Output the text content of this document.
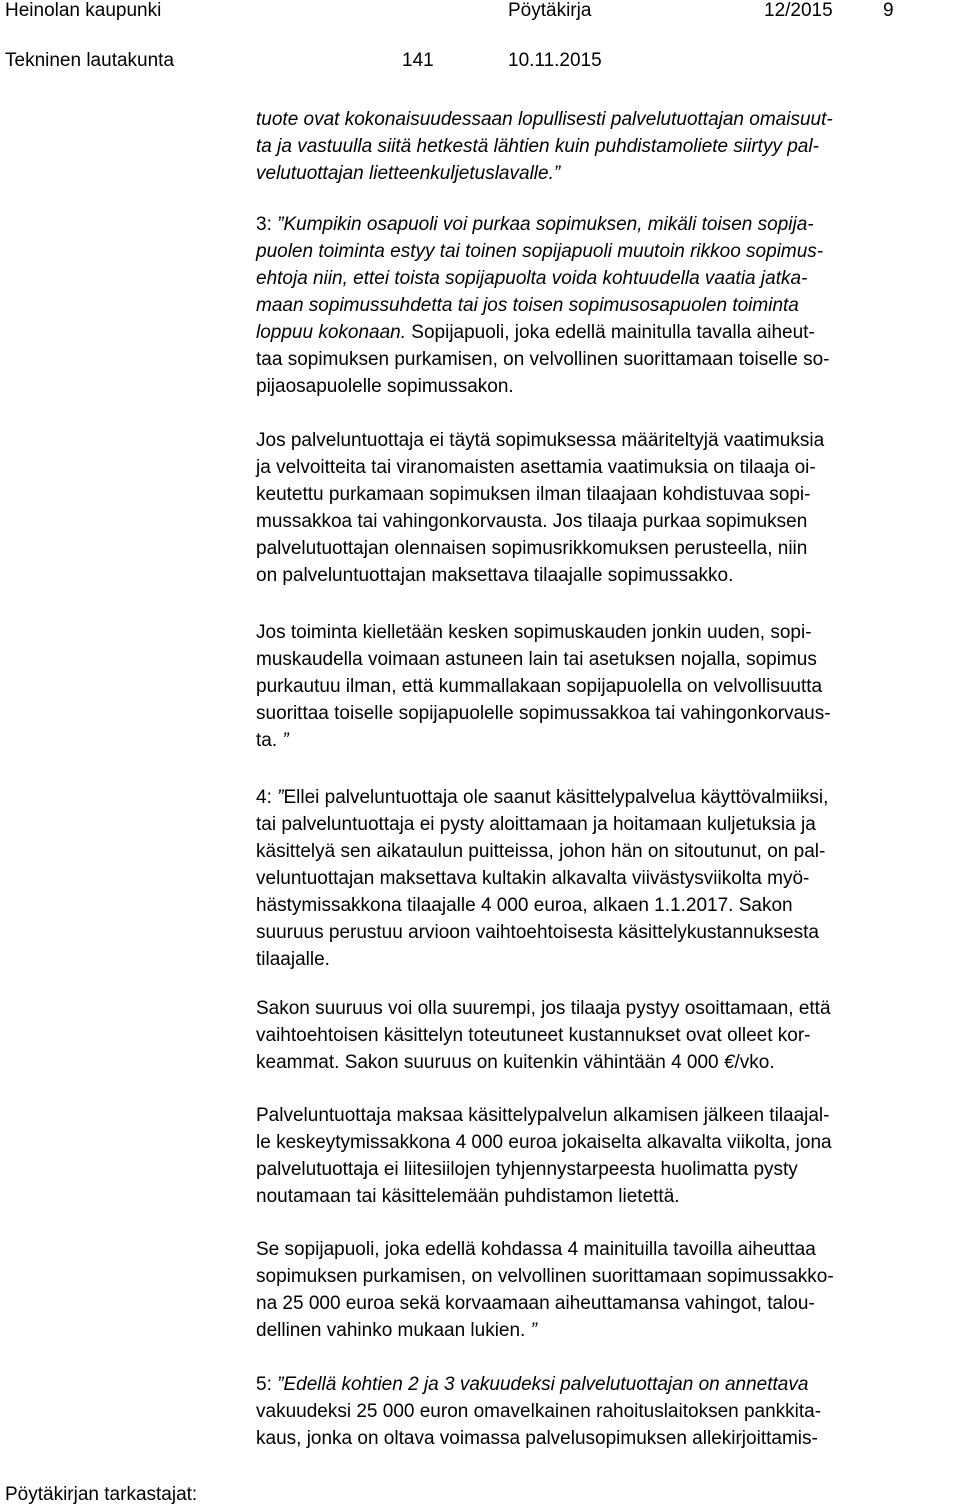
Heinolan kaupunki	Pöytäkirja	12/2015	9
Tekninen lautakunta	141	10.11.2015
tuote ovat kokonaisuudessaan lopullisesti palvelutuottajan omaisuut-
ta ja vastuulla siitä hetkestä lähtien kuin puhdistamoliete siirtyy pal-
velutuottajan lietteenkuljetuslavalle.”
3: ”Kumpikin osapuoli voi purkaa sopimuksen, mikäli toisen sopija-
puolen toiminta estyy tai toinen sopijapuoli muutoin rikkoo sopimus-
ehtoja niin, ettei toista sopijapuolta voida kohtuudella vaatia jatka-
maan sopimussuhdetta tai jos toisen sopimusosapuolen toiminta
loppuu kokonaan. Sopijapuoli, joka edellä mainitulla tavalla aiheut-
taa sopimuksen purkamisen, on velvollinen suorittamaan toiselle so-
pijaosapuolelle sopimussakon.
Jos palveluntuottaja ei täytä sopimuksessa määriteltyjä vaatimuksia
ja velvoitteita tai viranomaisten asettamia vaatimuksia on tilaaja oi-
keutettu purkamaan sopimuksen ilman tilaajaan kohdistuvaa sopi-
mussakkoa tai vahingonkorvausta. Jos tilaaja purkaa sopimuksen
palvelutuottajan olennaisen sopimusrikkomuksen perusteella, niin
on palveluntuottajan maksettava tilaajalle sopimussakko.
Jos toiminta kielletään kesken sopimuskauden jonkin uuden, sopi-
muskaudella voimaan astuneen lain tai asetuksen nojalla, sopimus
purkautuu ilman, että kummallakaan sopijapuolella on velvollisuutta
suorittaa toiselle sopijapuolelle sopimussakkoa tai vahingonkorvaus-
ta. ”
4: ”Ellei palveluntuottaja ole saanut käsittelypalvelua käyttövalmiiksi,
tai palveluntuottaja ei pysty aloittamaan ja hoitamaan kuljetuksia ja
käsittelyä sen aikataulun puitteissa, johon hän on sitoutunut, on pal-
veluntuottajan maksettava kultakin alkavalta viivästysviikolta myö-
hästymissakkona tilaajalle 4 000 euroa, alkaen 1.1.2017. Sakon
suuruus perustuu arvioon vaihtoehtoisesta käsittelykustannuksesta
tilaajalle.
Sakon suuruus voi olla suurempi, jos tilaaja pystyy osoittamaan, että
vaihtoehtoisen käsittelyn toteutuneet kustannukset ovat olleet kor-
keammat. Sakon suuruus on kuitenkin vähintään 4 000 €/vko.
Palveluntuottaja maksaa käsittelypalvelun alkamisen jälkeen tilaajal-
le keskeytymissakkona 4 000 euroa jokaiselta alkavalta viikolta, jona
palvelutuottaja ei liitesiilojen tyhjennystarpeesta huolimatta pysty
noutamaan tai käsittelemään puhdistamon lietettä.
Se sopijapuoli, joka edellä kohdassa 4 mainituilla tavoilla aiheuttaa
sopimuksen purkamisen, on velvollinen suorittamaan sopimussakko-
na 25 000 euroa sekä korvaamaan aiheuttamansa vahingot, talou-
dellinen vahinko mukaan lukien. ”
5: ”Edellä kohtien 2 ja 3 vakuudeksi palvelutuottajan on annettava
vakuudeksi 25 000 euron omavelkainen rahoituslaitoksen pankkita-
kaus, jonka on oltava voimassa palvelusopimuksen allekirjoittamis-
Pöytäkirjan tarkastajat:
